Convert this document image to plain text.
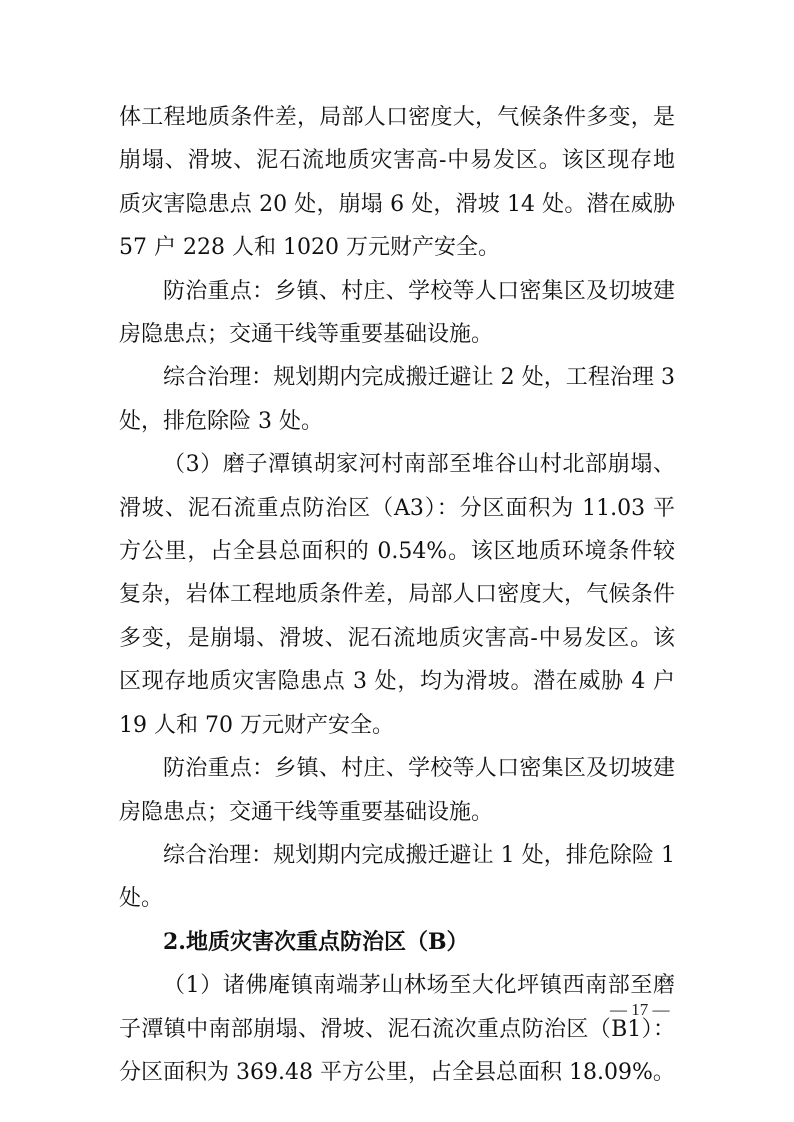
体工程地质条件差，局部人口密度大，气候条件多变，是崩塌、滑坡、泥石流地质灾害高-中易发区。该区现存地质灾害隐患点 20 处，崩塌 6 处，滑坡 14 处。潜在威胁 57 户 228 人和 1020 万元财产安全。

防治重点：乡镇、村庄、学校等人口密集区及切坡建房隐患点；交通干线等重要基础设施。

综合治理：规划期内完成搬迁避让 2 处，工程治理 3 处，排危除险 3 处。

（3）磨子潭镇胡家河村南部至堆谷山村北部崩塌、滑坡、泥石流重点防治区（A3）：分区面积为 11.03 平方公里，占全县总面积的 0.54%。该区地质环境条件较复杂，岩体工程地质条件差，局部人口密度大，气候条件多变，是崩塌、滑坡、泥石流地质灾害高-中易发区。该区现存地质灾害隐患点 3 处，均为滑坡。潜在威胁 4 户 19 人和 70 万元财产安全。

防治重点：乡镇、村庄、学校等人口密集区及切坡建房隐患点；交通干线等重要基础设施。

综合治理：规划期内完成搬迁避让 1 处，排危除险 1 处。

2.地质灾害次重点防治区（B）

（1）诸佛庵镇南端茅山林场至大化坪镇西南部至磨子潭镇中南部崩塌、滑坡、泥石流次重点防治区（B1）：分区面积为 369.48 平方公里，占全县总面积 18.09%。

— 17 —
